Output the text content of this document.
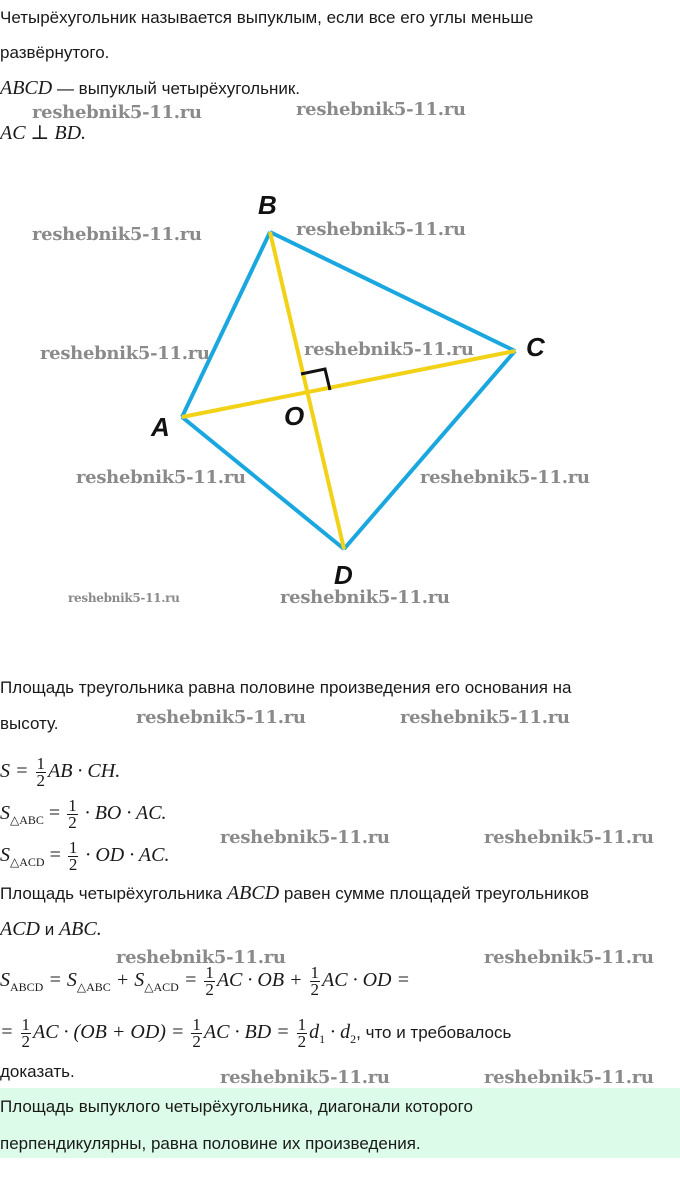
Четырёхугольник называется выпуклым, если все его углы меньше
развёрнутого.
ABCD — выпуклый четырёхугольник.
AC ⊥ BD.
B
C
A	O
D
Площадь треугольника равна половине произведения его основания на
высоту.
$S = \frac{1}{2}$ AB · CH.
$S_{\triangle ABC} = \frac{1}{2}$ · BO · AC.
$S_{\triangle ACD} = \frac{1}{2}$ · OD · AC.
Площадь четырёхугольника ABCD равен сумме площадей треугольников
ACD и ABC.
$S_{ABCD} = S_{\triangle ABC} + S_{\triangle ACD} = \frac{1}{2}$ AC · OB + $\frac{1}{2}$ AC · OD =
= $\frac{1}{2}$ AC · $(OB + OD) = \frac{1}{2}$ AC · BD = $\frac{1}{2} d_1 \cdot d_2$, что и требовалось
доказать.
Площадь выпуклого четырёхугольника, диагонали которого
перпендикулярны, равна половине их произведения.
reshebnik5-11.ru	reshebnik5-11.ru
reshebnik5-11.ru	reshebnik5-11.ru
reshebnik5-11.ru	reshebnik5-11.ru
reshebnik5-11.ru	reshebnik5-11.ru
reshebnik5-11.ru	reshebnik5-11.ru
reshebnik5-11.ru	reshebnik5-11.ru
reshebnik5-11.ru	reshebnik5-11.ru
reshebnik5-11.ru	reshebnik5-11.ru
reshebnik5-11.ru	reshebnik5-11.ru
